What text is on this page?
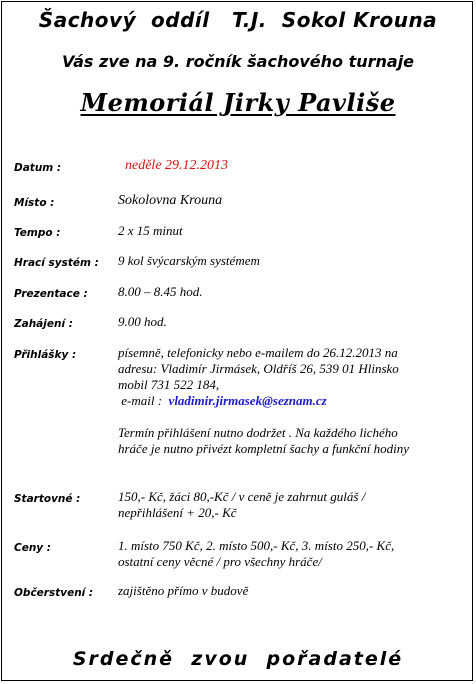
Šachový  oddíl   T.J.  Sokol Krouna
Vás zve na 9. ročník šachového turnaje
Memoriál Jirky Pavliše
Datum :	neděle 29.12.2013
Místo :	Sokolovna Krouna
Tempo :	2 x 15 minut
Hrací systém : 9 kol švýcarským systémem
Prezentace : 8.00 – 8.45 hod.
Zahájení :	9.00 hod.
Přihlášky :	písemně, telefonicky nebo e-mailem do 26.12.2013 na
adresu: Vladimír Jirmásek, Oldříš 26, 539 01 Hlinsko
mobil 731 522 184,
e-mail :  vladimir.jirmasek@seznam.cz
Termín přihlášení nutno dodržet . Na každého lichého
hráče je nutno přivézt kompletní šachy a funkční hodiny
Startovné :	150,- Kč, žáci 80,-Kč / v ceně je zahrnut guláš /
nepřihlášení + 20,- Kč
Ceny :	1. místo 750 Kč, 2. místo 500,- Kč, 3. místo 250,- Kč,
ostatní ceny věcné / pro všechny hráče/
Občerstvení : zajištěno přímo v budově
Srdečně  zvou  pořadatelé
